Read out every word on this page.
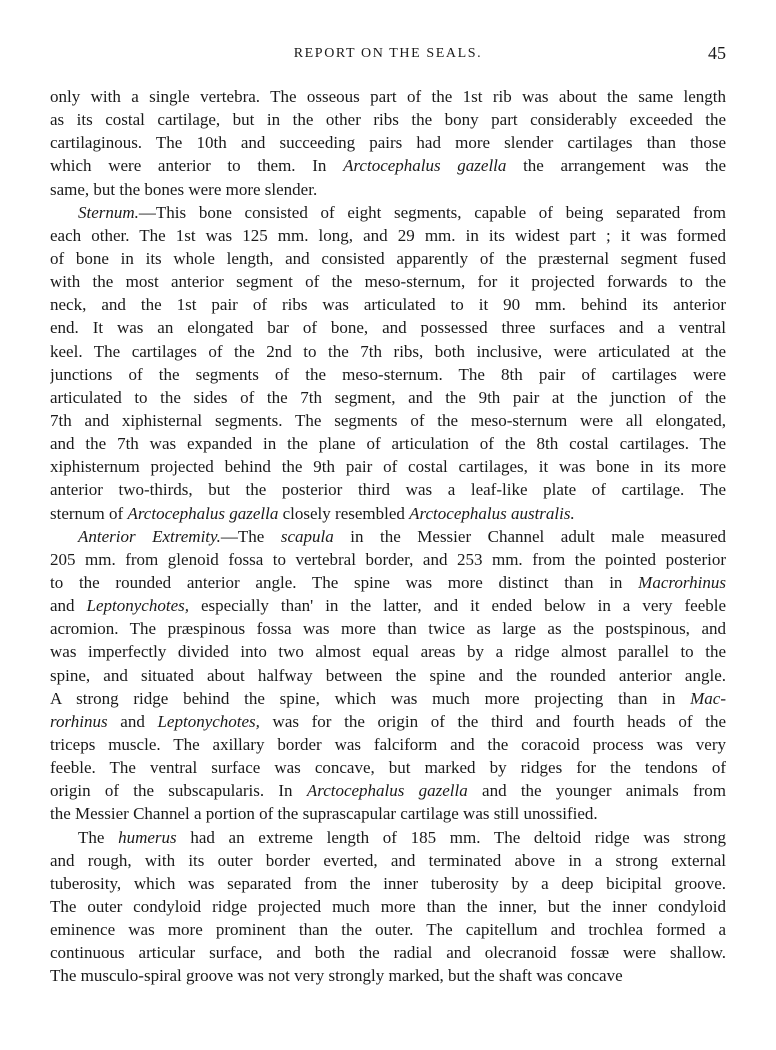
REPORT ON THE SEALS.	45
only with a single vertebra. The osseous part of the 1st rib was about the same length
as its costal cartilage, but in the other ribs the bony part considerably exceeded the
cartilaginous. The 10th and succeeding pairs had more slender cartilages than those
which were anterior to them. In Arctocephalus gazella the arrangement was the
same, but the bones were more slender.
Sternum.—This bone consisted of eight segments, capable of being separated from
each other. The 1st was 125 mm. long, and 29 mm. in its widest part ; it was formed
of bone in its whole length, and consisted apparently of the præsternal segment fused
with the most anterior segment of the meso-sternum, for it projected forwards to the
neck, and the 1st pair of ribs was articulated to it 90 mm. behind its anterior
end. It was an elongated bar of bone, and possessed three surfaces and a ventral
keel. The cartilages of the 2nd to the 7th ribs, both inclusive, were articulated at the
junctions of the segments of the meso-sternum. The 8th pair of cartilages were
articulated to the sides of the 7th segment, and the 9th pair at the junction of the
7th and xiphisternal segments. The segments of the meso-sternum were all elongated,
and the 7th was expanded in the plane of articulation of the 8th costal cartilages. The
xiphisternum projected behind the 9th pair of costal cartilages, it was bone in its more
anterior two-thirds, but the posterior third was a leaf-like plate of cartilage. The
sternum of Arctocephalus gazella closely resembled Arctocephalus australis.
Anterior Extremity.—The scapula in the Messier Channel adult male measured
205 mm. from glenoid fossa to vertebral border, and 253 mm. from the pointed posterior
to the rounded anterior angle. The spine was more distinct than in Macrorhinus
and Leptonychotes, especially than' in the latter, and it ended below in a very feeble
acromion. The præspinous fossa was more than twice as large as the postspinous, and
was imperfectly divided into two almost equal areas by a ridge almost parallel to the
spine, and situated about halfway between the spine and the rounded anterior angle.
A strong ridge behind the spine, which was much more projecting than in Mac-
rorhinus and Leptonychotes, was for the origin of the third and fourth heads of the
triceps muscle. The axillary border was falciform and the coracoid process was very
feeble. The ventral surface was concave, but marked by ridges for the tendons of
origin of the subscapularis. In Arctocephalus gazella and the younger animals from
the Messier Channel a portion of the suprascapular cartilage was still unossified.
The humerus had an extreme length of 185 mm. The deltoid ridge was strong
and rough, with its outer border everted, and terminated above in a strong external
tuberosity, which was separated from the inner tuberosity by a deep bicipital groove.
The outer condyloid ridge projected much more than the inner, but the inner condyloid
eminence was more prominent than the outer. The capitellum and trochlea formed a
continuous articular surface, and both the radial and olecranoid fossæ were shallow.
The musculo-spiral groove was not very strongly marked, but the shaft was concave
